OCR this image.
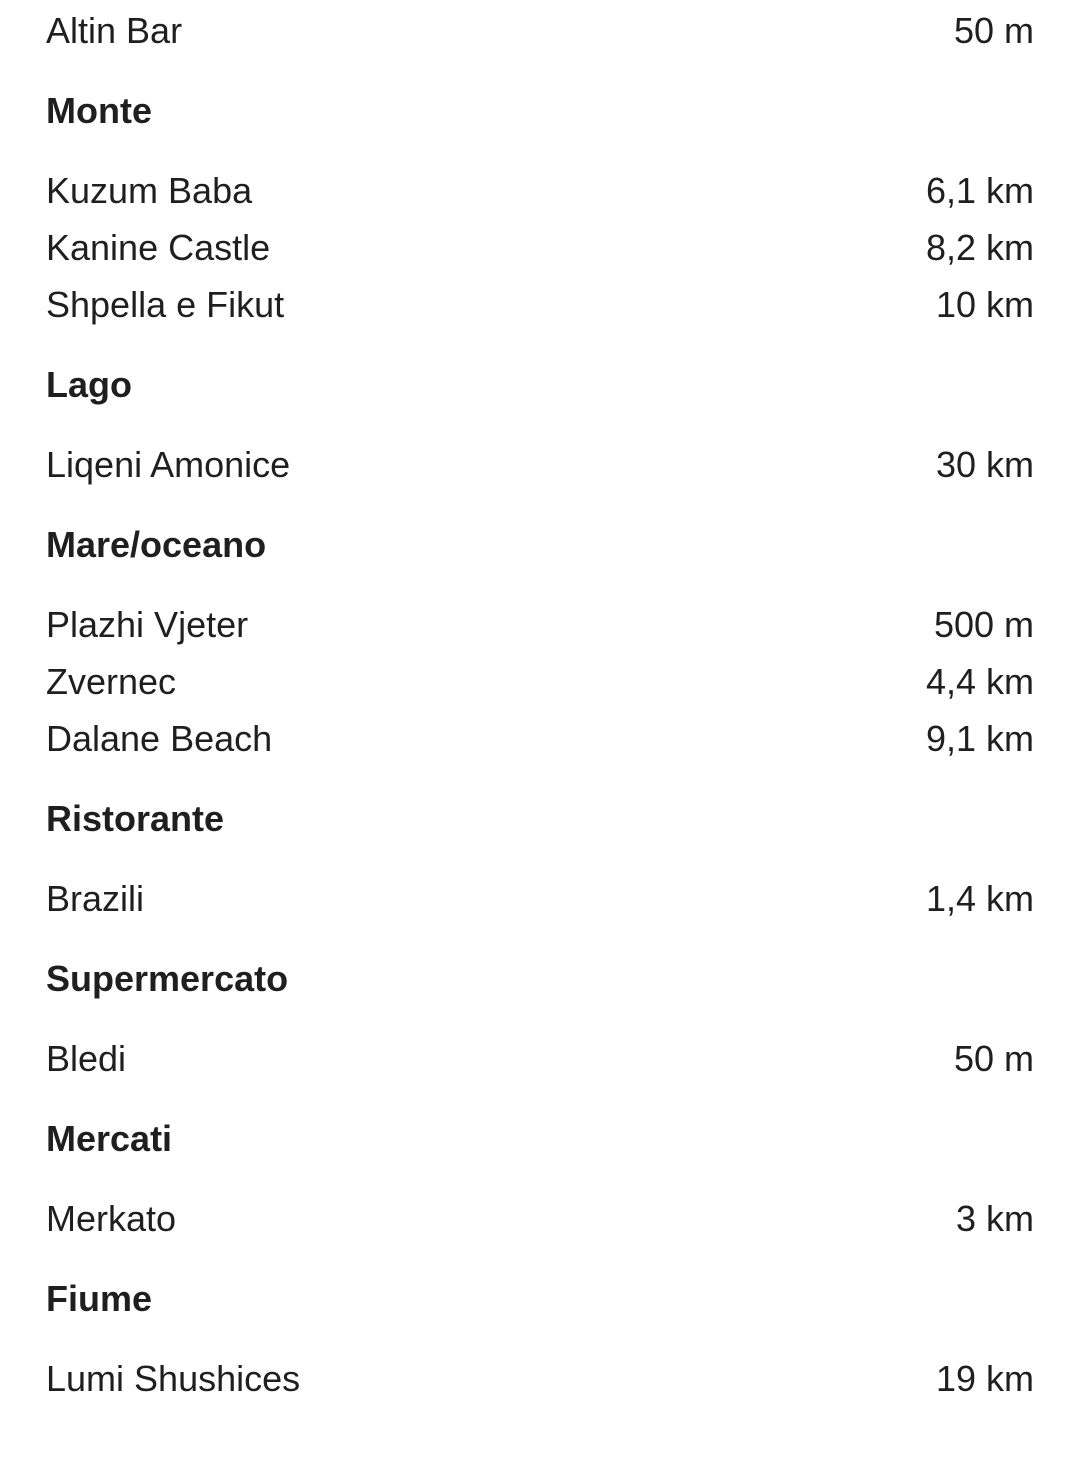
Altin Bar	50 m
Monte
Kuzum Baba	6,1 km
Kanine Castle	8,2 km
Shpella e Fikut	10 km
Lago
Liqeni Amonice	30 km
Mare/oceano
Plazhi Vjeter	500 m
Zvernec	4,4 km
Dalane Beach	9,1 km
Ristorante
Brazili	1,4 km
Supermercato
Bledi	50 m
Mercati
Merkato	3 km
Fiume
Lumi Shushices	19 km
